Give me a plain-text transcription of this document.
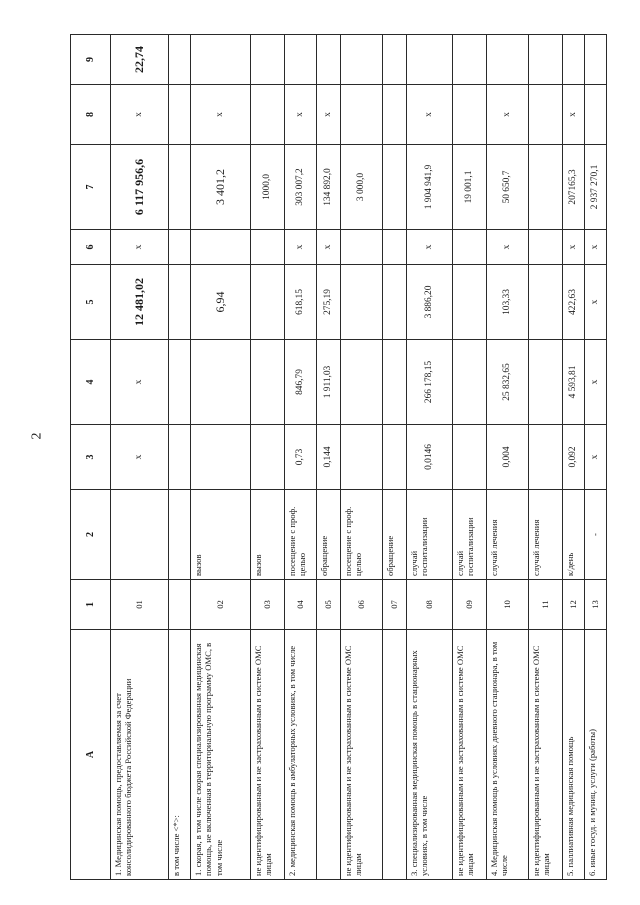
2
A	1	2	3	4	5	6	7	8	9
1. Медицинская помощь, предоставляемая за счет консолидированного бюджета Российской Федерации	01		х	х	12 481,02	х	6 117 956,6	х	22,74
в том числе <*>:									
1. скорая, в том числе скорая специализированная медицинская помощь, не включенная в территориальную программу ОМС, в том числе	02	вызов			6,94		3 401,2	х	
не идентифицированным и не застрахованным в системе ОМС лицам	03	вызов					1000,0		
2. медицинская помощь в амбулаторных условиях, в том числе	04	посещение с проф. целью	0,73	846,79	618,15	х	303 007,2	х	
	05	обращение	0,144	1 911,03	275,19	х	134 892,0	х	
не идентифицированным и не застрахованным в системе ОМС лицам	06	посещение с проф. целью					3 000,0		
	07	обращение							
3. специализированная медицинская помощь в стационарных условиях, в том числе	08	случай госпитализации	0,0146	266 178,15	3 886,20	х	1 904 941,9	х	
не идентифицированным и не застрахованным в системе ОМС лицам	09	случай госпитализации					19 001,1		
4. Медицинская помощь в условиях дневного стационара, в том числе	10	случай лечения	0,004	25 832,65	103,33	х	50 650,7	х	
не идентифицированным и не застрахованным в системе ОМС лицам	11	случай лечения							
5. паллиативная медицинская помощь	12	к/день	0,092	4 593,81	422,63	х	207165,3	х	
6. иные госуд. и муниц. услуги (работы)	13	-	х	х	х	х	2 937 270,1		
